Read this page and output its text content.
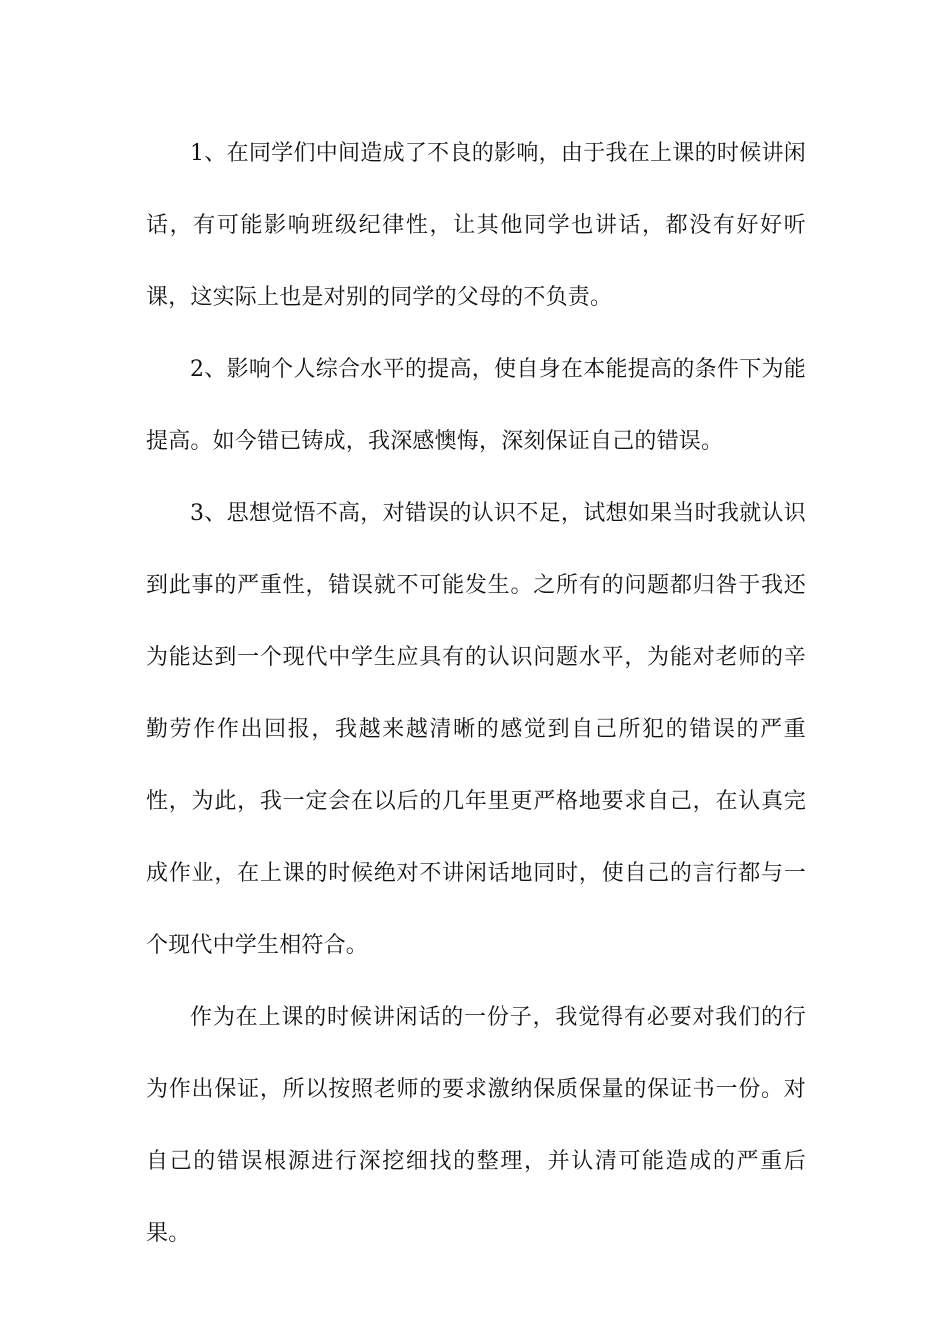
1、在同学们中间造成了不良的影响，由于我在上课的时候讲闲话，有可能影响班级纪律性，让其他同学也讲话，都没有好好听课，这实际上也是对别的同学的父母的不负责。

2、影响个人综合水平的提高，使自身在本能提高的条件下为能提高。如今错已铸成，我深感懊悔，深刻保证自己的错误。

3、思想觉悟不高，对错误的认识不足，试想如果当时我就认识到此事的严重性，错误就不可能发生。之所有的问题都归咎于我还为能达到一个现代中学生应具有的认识问题水平，为能对老师的辛勤劳作作出回报，我越来越清晰的感觉到自己所犯的错误的严重性，为此，我一定会在以后的几年里更严格地要求自己，在认真完成作业，在上课的时候绝对不讲闲话地同时，使自己的言行都与一个现代中学生相符合。

作为在上课的时候讲闲话的一份子，我觉得有必要对我们的行为作出保证，所以按照老师的要求激纳保质保量的保证书一份。对自己的错误根源进行深挖细找的整理，并认清可能造成的严重后果。
